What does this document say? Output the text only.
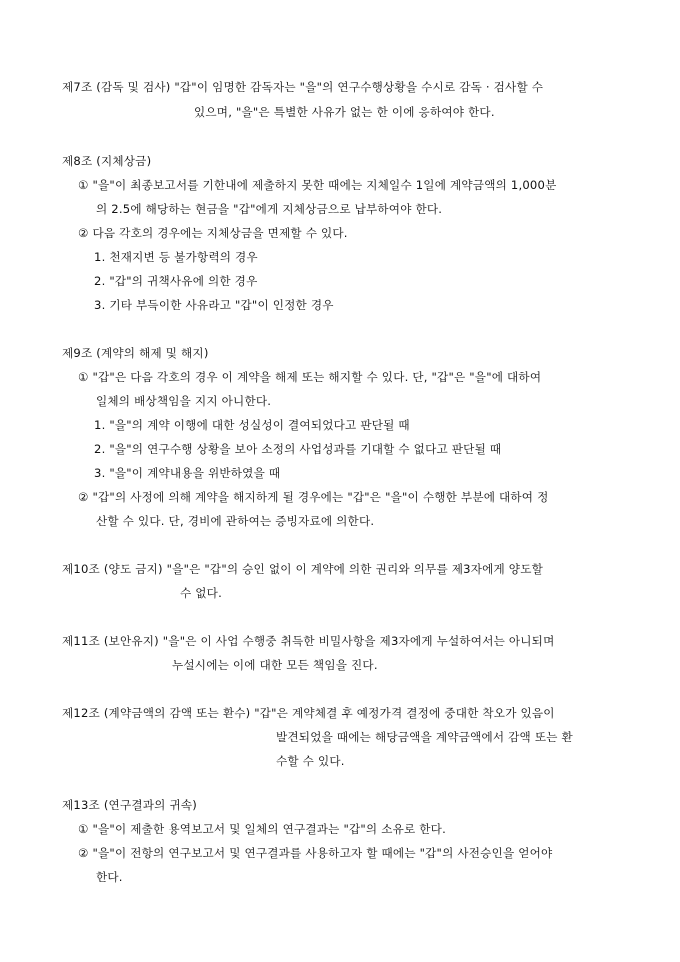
제7조 (감독 및 검사) "갑"이 임명한 감독자는 "을"의 연구수행상황을 수시로 감독 · 검사할 수
있으며, "을"은 특별한 사유가 없는 한 이에 응하여야 한다.
제8조 (지체상금)
① "을"이 최종보고서를 기한내에 제출하지 못한 때에는 지체일수 1일에 계약금액의 1,000분
의 2.5에 해당하는 현금을 "갑"에게 지체상금으로 납부하여야 한다.
② 다음 각호의 경우에는 지체상금을 면제할 수 있다.
1. 천재지변 등 불가항력의 경우
2. "갑"의 귀책사유에 의한 경우
3. 기타 부득이한 사유라고 "갑"이 인정한 경우
제9조 (계약의 해제 및 해지)
① "갑"은 다음 각호의 경우 이 계약을 해제 또는 해지할 수 있다. 단, "갑"은 "을"에 대하여
일체의 배상책임을 지지 아니한다.
1. "을"의 계약 이행에 대한 성실성이 결여되었다고 판단될 때
2. "을"의 연구수행 상황을 보아 소정의 사업성과를 기대할 수 없다고 판단될 때
3. "을"이 계약내용을 위반하였을 때
② "갑"의 사정에 의해 계약을 해지하게 될 경우에는 "갑"은 "을"이 수행한 부분에 대하여 정
산할 수 있다. 단, 경비에 관하여는 증빙자료에 의한다.
제10조 (양도 금지) "을"은 "갑"의 승인 없이 이 계약에 의한 권리와 의무를 제3자에게 양도할
수 없다.
제11조 (보안유지) "을"은 이 사업 수행중 취득한 비밀사항을 제3자에게 누설하여서는 아니되며
누설시에는 이에 대한 모든 책임을 진다.
제12조 (계약금액의 감액 또는 환수) "갑"은 계약체결 후 예정가격 결정에 중대한 착오가 있음이
발견되었을 때에는 해당금액을 계약금액에서 감액 또는 환
수할 수 있다.
제13조 (연구결과의 귀속)
① "을"이 제출한 용역보고서 및 일체의 연구결과는 "갑"의 소유로 한다.
② "을"이 전항의 연구보고서 및 연구결과를 사용하고자 할 때에는 "갑"의 사전승인을 얻어야
한다.
